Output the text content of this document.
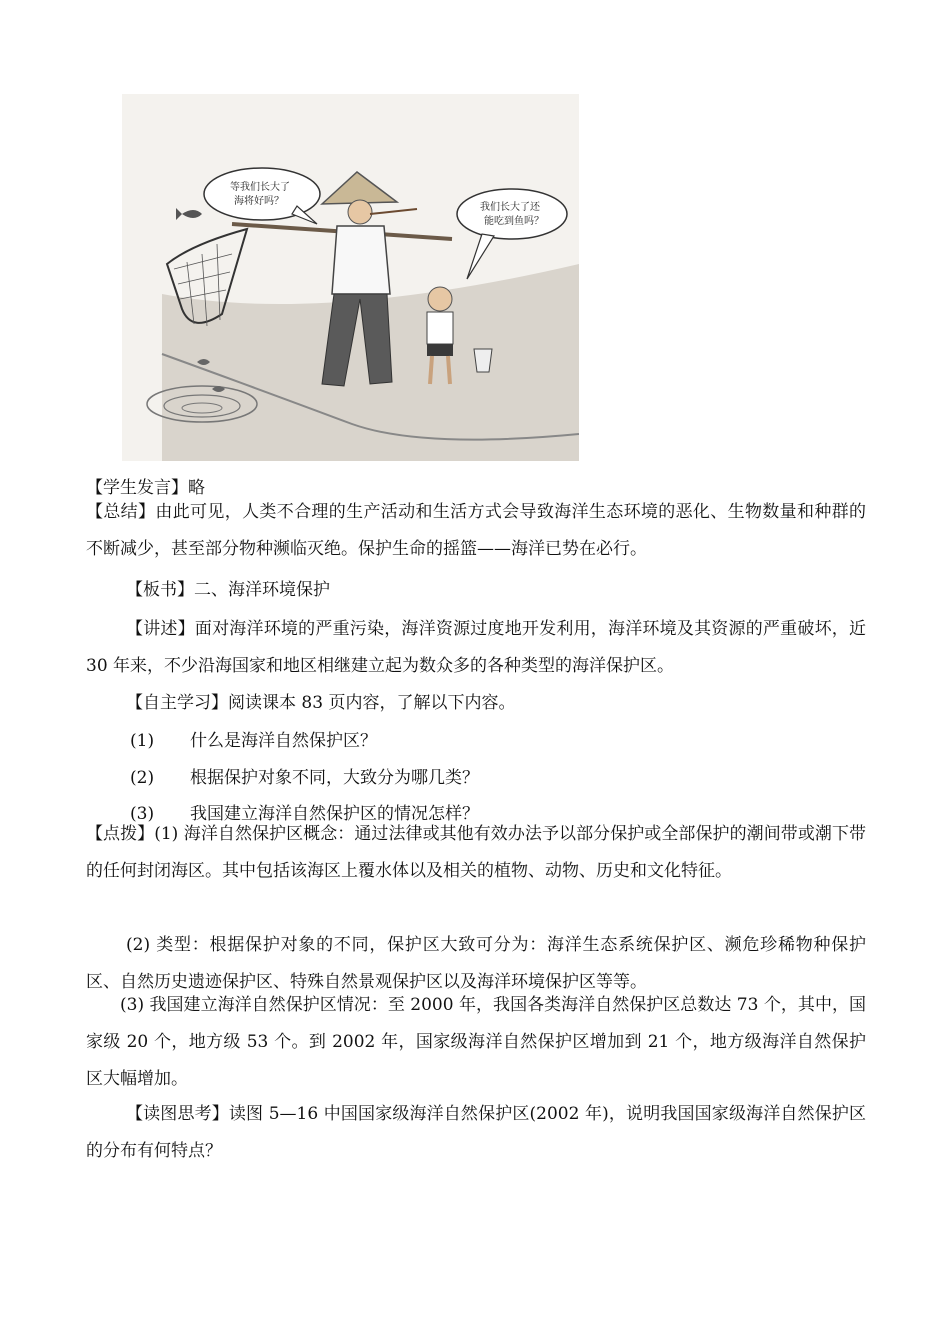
等我们长大了
海将好吗？
我们长大了还
能吃到鱼吗？
【学生发言】略
【总结】由此可见，人类不合理的生产活动和生活方式会导致海洋生态环境的恶化、生物数量和种群的不断减少，甚至部分物种濒临灭绝。保护生命的摇篮——海洋已势在必行。
【板书】二、海洋环境保护
【讲述】面对海洋环境的严重污染，海洋资源过度地开发利用，海洋环境及其资源的严重破坏，近 30 年来，不少沿海国家和地区相继建立起为数众多的各种类型的海洋保护区。
【自主学习】阅读课本 83 页内容，了解以下内容。
(1) 什么是海洋自然保护区？
(2) 根据保护对象不同，大致分为哪几类？
(3) 我国建立海洋自然保护区的情况怎样？
【点拨】(1) 海洋自然保护区概念：通过法律或其他有效办法予以部分保护或全部保护的潮间带或潮下带的任何封闭海区。其中包括该海区上覆水体以及相关的植物、动物、历史和文化特征。
(2) 类型：根据保护对象的不同，保护区大致可分为：海洋生态系统保护区、濒危珍稀物种保护区、自然历史遗迹保护区、特殊自然景观保护区以及海洋环境保护区等等。
(3) 我国建立海洋自然保护区情况：至 2000 年，我国各类海洋自然保护区总数达 73 个，其中，国家级 20 个，地方级 53 个。到 2002 年，国家级海洋自然保护区增加到 21 个，地方级海洋自然保护区大幅增加。
【读图思考】读图 5—16 中国国家级海洋自然保护区(2002 年)，说明我国国家级海洋自然保护区的分布有何特点？
